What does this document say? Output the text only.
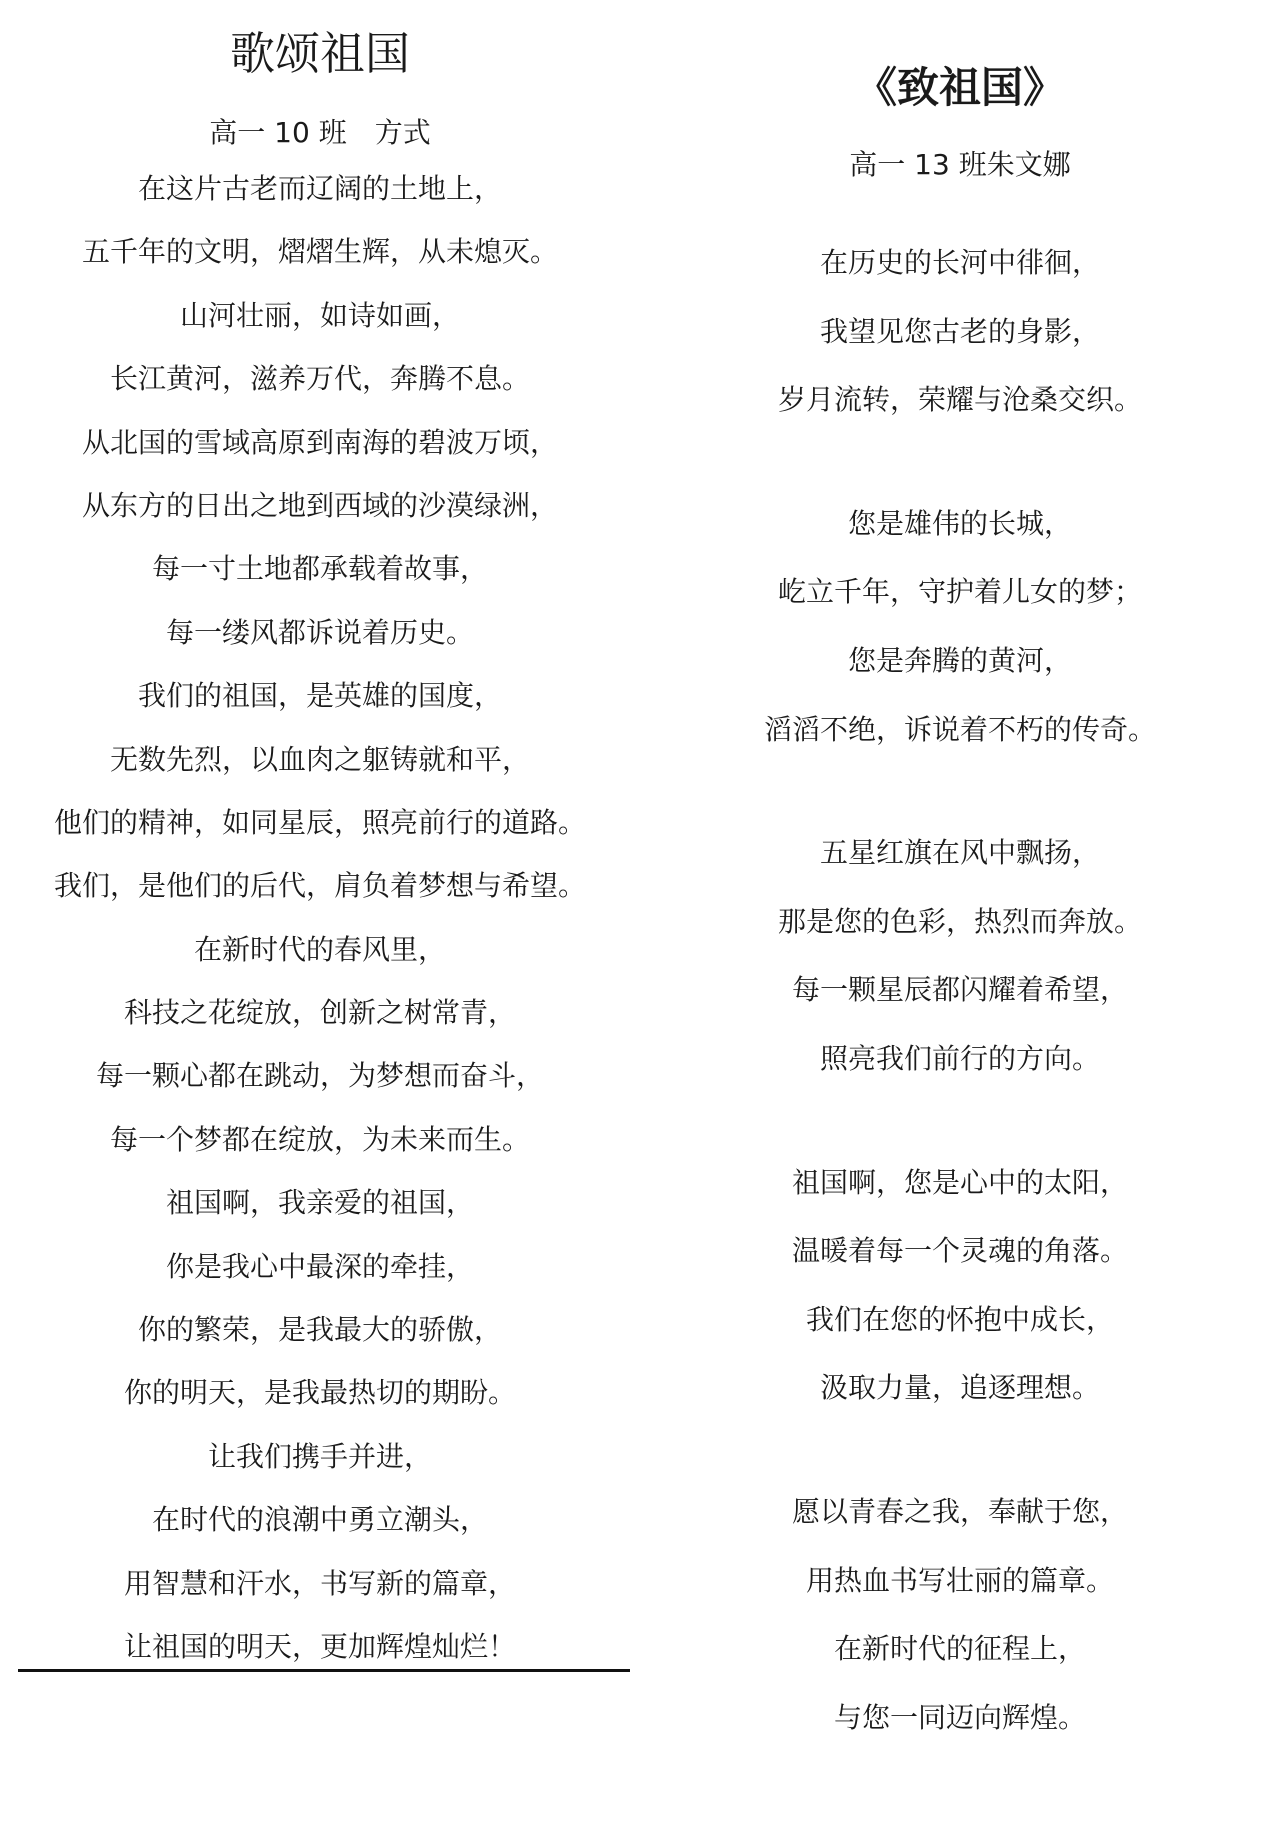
歌颂祖国

高一 10 班　方式

在这片古老而辽阔的土地上，

五千年的文明，熠熠生辉，从未熄灭。

山河壮丽，如诗如画，

长江黄河，滋养万代，奔腾不息。

从北国的雪域高原到南海的碧波万顷，

从东方的日出之地到西域的沙漠绿洲，

每一寸土地都承载着故事，

每一缕风都诉说着历史。

我们的祖国，是英雄的国度，

无数先烈，以血肉之躯铸就和平，

他们的精神，如同星辰，照亮前行的道路。

我们，是他们的后代，肩负着梦想与希望。

在新时代的春风里，

科技之花绽放，创新之树常青，

每一颗心都在跳动，为梦想而奋斗，

每一个梦都在绽放，为未来而生。

祖国啊，我亲爱的祖国，

你是我心中最深的牵挂，

你的繁荣，是我最大的骄傲，

你的明天，是我最热切的期盼。

让我们携手并进，

在时代的浪潮中勇立潮头，

用智慧和汗水，书写新的篇章，

让祖国的明天，更加辉煌灿烂！

《致祖国》

高一 13 班朱文娜

在历史的长河中徘徊，

我望见您古老的身影，

岁月流转，荣耀与沧桑交织。

您是雄伟的长城，

屹立千年，守护着儿女的梦；

您是奔腾的黄河，

滔滔不绝，诉说着不朽的传奇。

五星红旗在风中飘扬，

那是您的色彩，热烈而奔放。

每一颗星辰都闪耀着希望，

照亮我们前行的方向。

祖国啊，您是心中的太阳，

温暖着每一个灵魂的角落。

我们在您的怀抱中成长，

汲取力量，追逐理想。

愿以青春之我，奉献于您，

用热血书写壮丽的篇章。

在新时代的征程上，

与您一同迈向辉煌。
